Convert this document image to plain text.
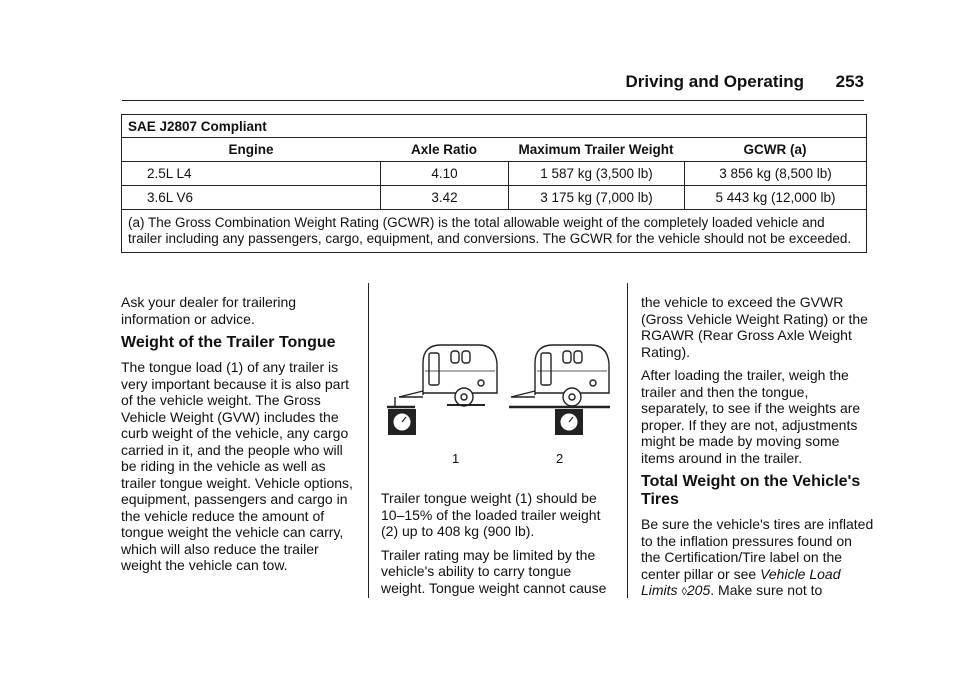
Driving and Operating 253
SAE J2807 Compliant
Engine	Axle Ratio	Maximum Trailer Weight	GCWR (a)
2.5L L4	4.10	1 587 kg (3,500 lb)	3 856 kg (8,500 lb)
3.6L V6	3.42	3 175 kg (7,000 lb)	5 443 kg (12,000 lb)
(a) The Gross Combination Weight Rating (GCWR) is the total allowable weight of the completely loaded vehicle and trailer including any passengers, cargo, equipment, and conversions. The GCWR for the vehicle should not be exceeded.

Ask your dealer for trailering information or advice.

Weight of the Trailer Tongue

The tongue load (1) of any trailer is very important because it is also part of the vehicle weight. The Gross Vehicle Weight (GVW) includes the curb weight of the vehicle, any cargo carried in it, and the people who will be riding in the vehicle as well as trailer tongue weight. Vehicle options, equipment, passengers and cargo in the vehicle reduce the amount of tongue weight the vehicle can carry, which will also reduce the trailer weight the vehicle can tow.

1	2

Trailer tongue weight (1) should be 10–15% of the loaded trailer weight (2) up to 408 kg (900 lb).

Trailer rating may be limited by the vehicle's ability to carry tongue weight. Tongue weight cannot cause

the vehicle to exceed the GVWR (Gross Vehicle Weight Rating) or the RGAWR (Rear Gross Axle Weight Rating).

After loading the trailer, weigh the trailer and then the tongue, separately, to see if the weights are proper. If they are not, adjustments might be made by moving some items around in the trailer.

Total Weight on the Vehicle's Tires

Be sure the vehicle's tires are inflated to the inflation pressures found on the Certification/Tire label on the center pillar or see Vehicle Load Limits ◊205. Make sure not to
